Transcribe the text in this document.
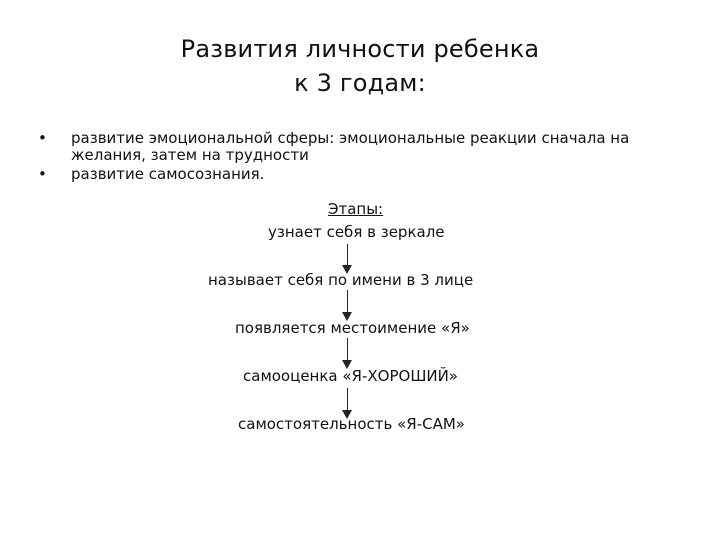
Развития личности ребенка
к 3 годам:
• развитие эмоциональной сферы: эмоциональные реакции сначала на желания, затем на трудности
• развитие самосознания.
Этапы:
узнает себя в зеркале
называет себя по имени в 3 лице
появляется местоимение «Я»
самооценка «Я-ХОРОШИЙ»
самостоятельность «Я-САМ»
